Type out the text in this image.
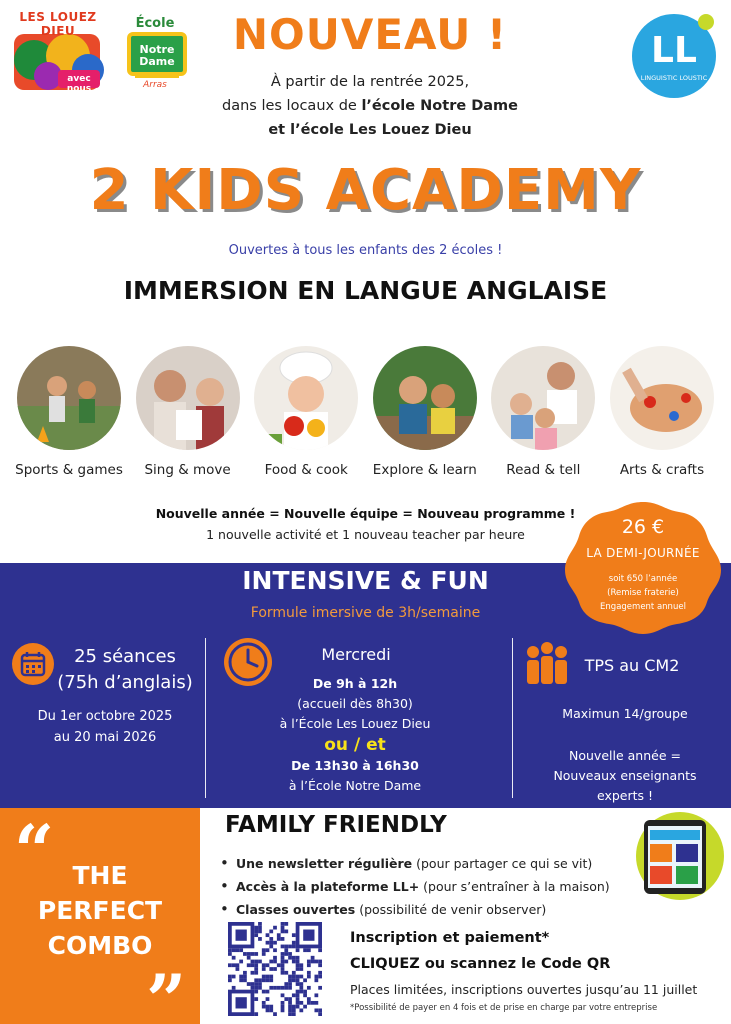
LES LOUEZ DIEU
avec nous
École
Notre Dame
Arras
LL
LINGUISTIC LOUSTIC
NOUVEAU !
À partir de la rentrée 2025,
dans les locaux de l’école Notre Dame
et l’école Les Louez Dieu
2 KIDS ACADEMY
Ouvertes à tous les enfants des 2 écoles !
IMMERSION EN LANGUE ANGLAISE
Sports & games Sing & move	Food & cook Explore & learn Read & tell	Arts & crafts
Nouvelle année = Nouvelle équipe = Nouveau programme !
1 nouvelle activité et 1 nouveau teacher par heure
INTENSIVE & FUN
Formule imersive de 3h/semaine
25 séances
(75h d’anglais)
Du 1er octobre 2025
au 20 mai 2026
Mercredi
De 9h à 12h
(accueil dès 8h30)
à l’École Les Louez Dieu
ou / et
De 13h30 à 16h30
à l’École Notre Dame
TPS au CM2
Maximun 14/groupe
Nouvelle année =
Nouveaux enseignants
experts !
26 €
LA DEMI-JOURNÉE
soit 650 l’année
(Remise fraterie)
Engagement annuel
“ THE
PERFECT
COMBO
”
FAMILY FRIENDLY
• Une newsletter régulière (pour partager ce qui se vit)
• Accès à la plateforme LL+ (pour s’entraîner à la maison)
• Classes ouvertes (possibilité de venir observer)
Inscription et paiement*
CLIQUEZ ou scannez le Code QR
Places limitées, inscriptions ouvertes jusqu’au 11 juillet
*Possibilité de payer en 4 fois et de prise en charge par votre entreprise
